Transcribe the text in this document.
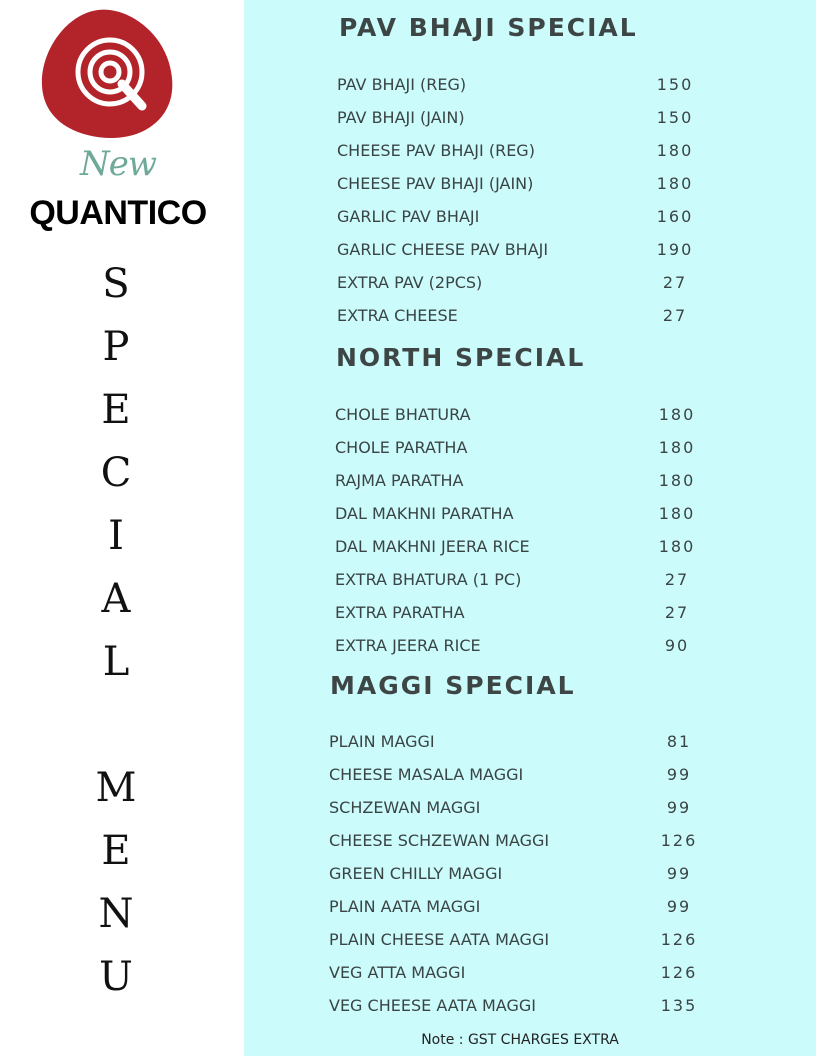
New
QUANTICO
S
P
E
C
I
A
L
M
E
N
U
PAV BHAJI SPECIAL
PAV BHAJI (REG)	150
PAV BHAJI (JAIN)	150
CHEESE PAV BHAJI (REG)	180
CHEESE PAV BHAJI (JAIN)	180
GARLIC PAV BHAJI	160
GARLIC CHEESE PAV BHAJI	190
EXTRA PAV (2PCS)	27
EXTRA CHEESE	27
NORTH SPECIAL
CHOLE BHATURA	180
CHOLE PARATHA	180
RAJMA PARATHA	180
DAL MAKHNI PARATHA	180
DAL MAKHNI JEERA RICE	180
EXTRA BHATURA (1 PC)	27
EXTRA PARATHA	27
EXTRA JEERA RICE	90
MAGGI SPECIAL
PLAIN MAGGI	81
CHEESE MASALA MAGGI	99
SCHZEWAN MAGGI	99
CHEESE SCHZEWAN MAGGI	126
GREEN CHILLY MAGGI	99
PLAIN AATA MAGGI	99
PLAIN CHEESE AATA MAGGI	126
VEG ATTA MAGGI	126
VEG CHEESE AATA MAGGI	135
Note : GST CHARGES EXTRA
